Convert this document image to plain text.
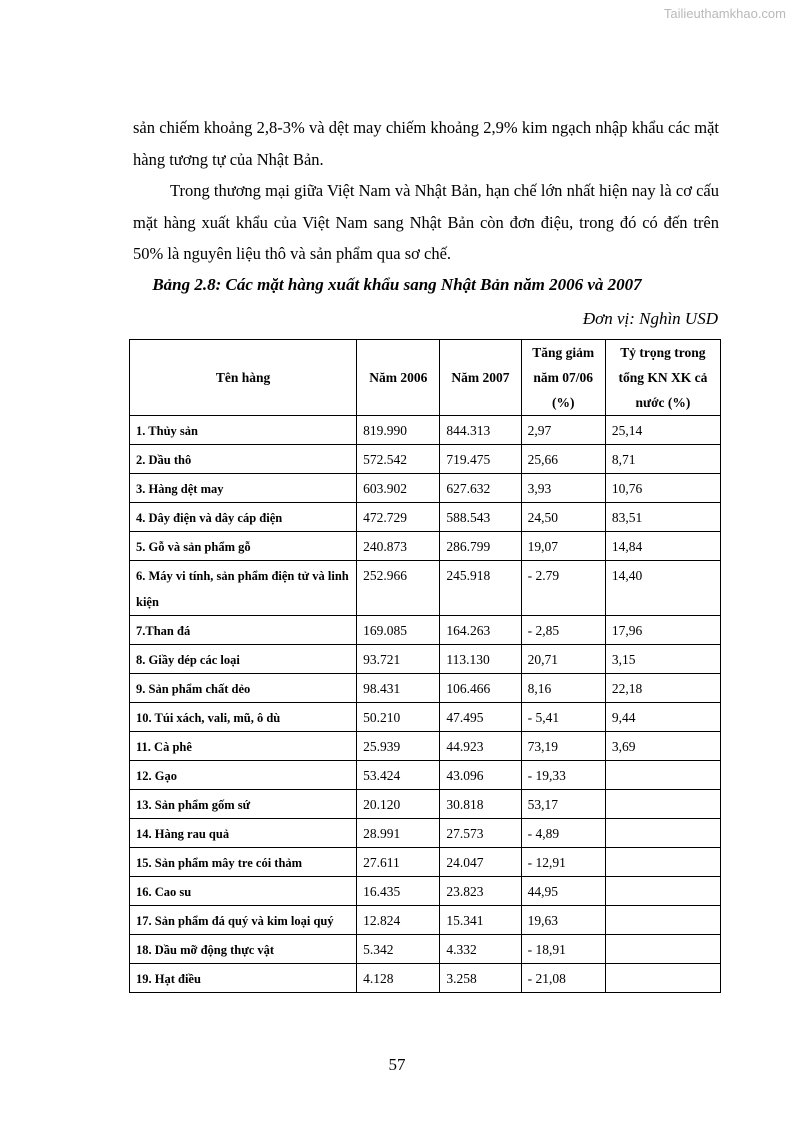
Tailieuthamkhao.com

sản chiếm khoảng 2,8-3% và dệt may chiếm khoảng 2,9% kim ngạch nhập khẩu các mặt hàng tương tự của Nhật Bản.

Trong thương mại giữa Việt Nam và Nhật Bản, hạn chế lớn nhất hiện nay là cơ cấu mặt hàng xuất khẩu của Việt Nam sang Nhật Bản còn đơn điệu, trong đó có đến trên 50% là nguyên liệu thô và sản phẩm qua sơ chế.

Bảng 2.8: Các mặt hàng xuất khẩu sang Nhật Bản năm 2006 và 2007
Đơn vị: Nghìn USD
Tên hàng	Năm 2006	Năm 2007	Tăng giảm năm 07/06 (%)	Tỷ trọng trong tổng KN XK cả nước (%)
1. Thủy sản	819.990	844.313	2,97	25,14
2. Dầu thô	572.542	719.475	25,66	8,71
3. Hàng dệt may	603.902	627.632	3,93	10,76
4. Dây điện và dây cáp điện	472.729	588.543	24,50	83,51
5. Gỗ và sản phẩm gỗ	240.873	286.799	19,07	14,84
6. Máy vi tính, sản phẩm điện tử và linh kiện	252.966	245.918	- 2.79	14,40
7.Than đá	169.085	164.263	- 2,85	17,96
8. Giầy dép các loại	93.721	113.130	20,71	3,15
9. Sản phẩm chất dẻo	98.431	106.466	8,16	22,18
10. Túi xách, vali, mũ, ô dù	50.210	47.495	- 5,41	9,44
11. Cà phê	25.939	44.923	73,19	3,69
12. Gạo	53.424	43.096	- 19,33	
13. Sản phẩm gốm sứ	20.120	30.818	53,17	
14. Hàng rau quả	28.991	27.573	- 4,89	
15. Sản phẩm mây tre cói thảm	27.611	24.047	- 12,91	
16. Cao su	16.435	23.823	44,95	
17. Sản phẩm đá quý và kim loại quý	12.824	15.341	19,63	
18. Dầu mỡ động thực vật	5.342	4.332	- 18,91	
19. Hạt điều	4.128	3.258	- 21,08	
57
